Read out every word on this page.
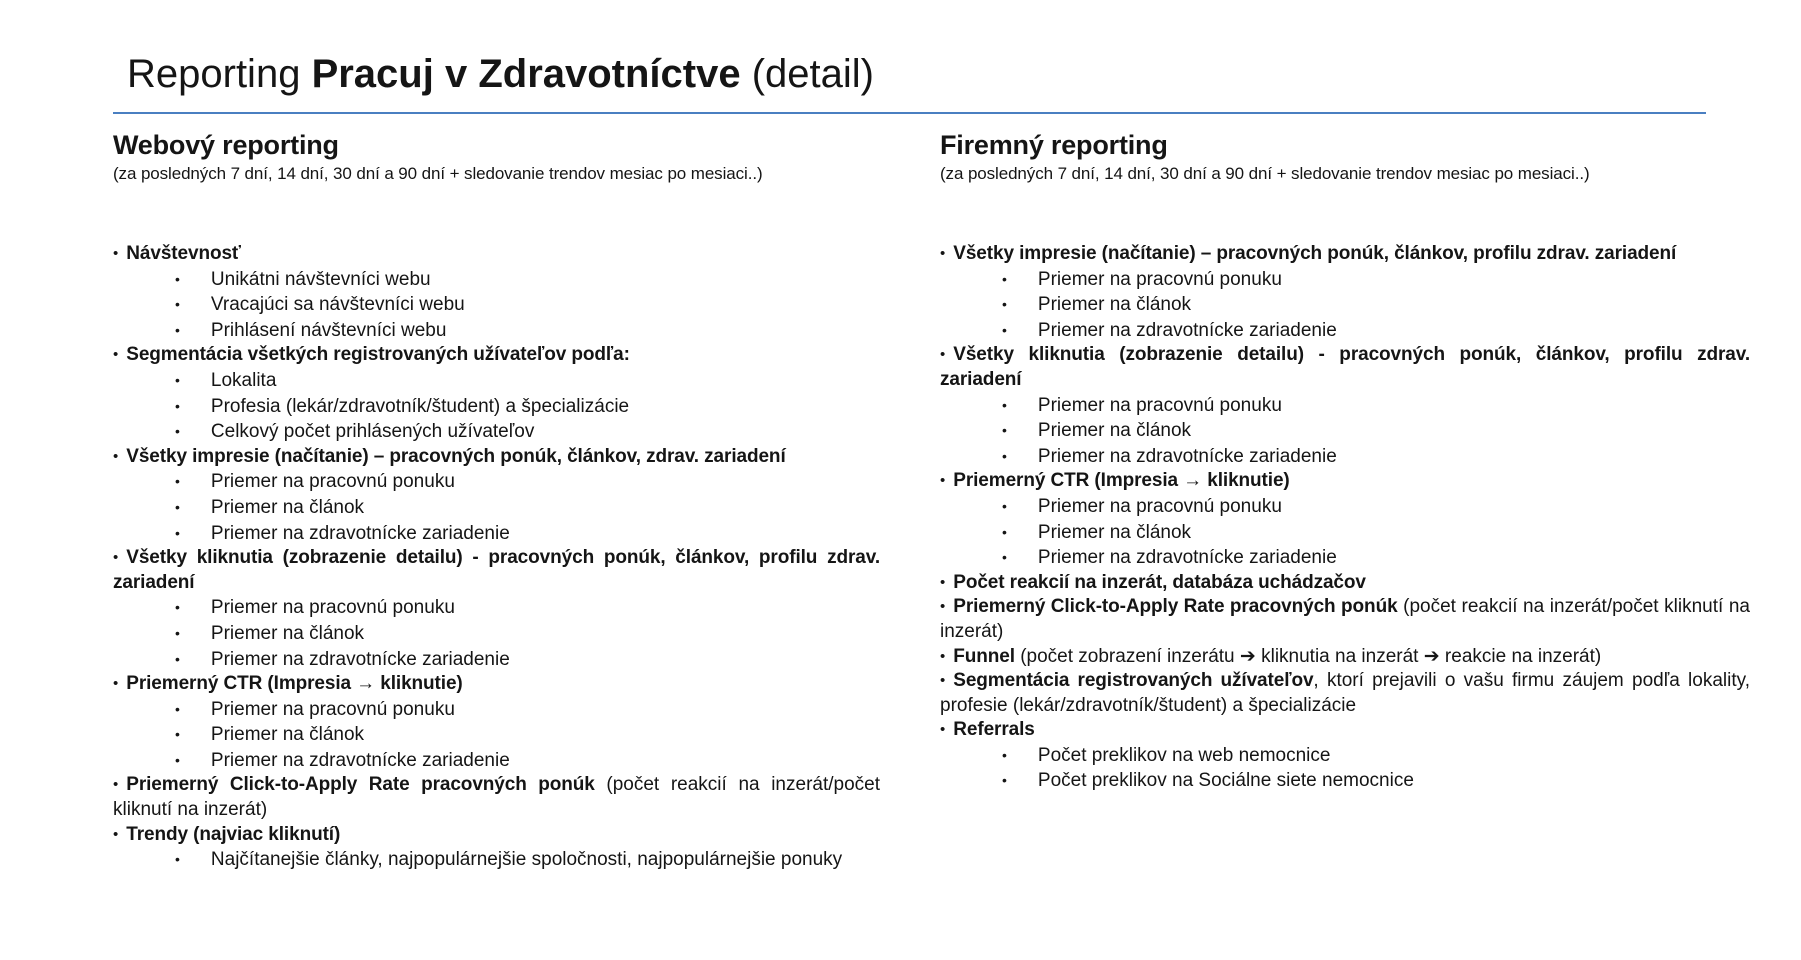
Reporting Pracuj v Zdravotníctve (detail)
Webový reporting

(za posledných 7 dní, 14 dní, 30 dní a 90 dní + sledovanie trendov mesiac po mesiaci..)

• Návštevnosť
• Unikátni návštevníci webu
• Vracajúci sa návštevníci webu
• Prihlásení návštevníci webu
• Segmentácia všetkých registrovaných užívateľov podľa:
• Lokalita
• Profesia (lekár/zdravotník/študent) a špecializácie
• Celkový počet prihlásených užívateľov
• Všetky impresie (načítanie) – pracovných ponúk, článkov, zdrav. zariadení
• Priemer na pracovnú ponuku
• Priemer na článok
• Priemer na zdravotnícke zariadenie
• Všetky kliknutia (zobrazenie detailu) - pracovných ponúk, článkov, profilu zdrav. zariadení
• Priemer na pracovnú ponuku
• Priemer na článok
• Priemer na zdravotnícke zariadenie
• Priemerný CTR (Impresia → kliknutie)
• Priemer na pracovnú ponuku
• Priemer na článok
• Priemer na zdravotnícke zariadenie
• Priemerný Click-to-Apply Rate pracovných ponúk (počet reakcií na inzerát/počet kliknutí na inzerát)
• Trendy (najviac kliknutí)
• Najčítanejšie články, najpopulárnejšie spoločnosti, najpopulárnejšie ponuky
Firemný reporting

(za posledných 7 dní, 14 dní, 30 dní a 90 dní + sledovanie trendov mesiac po mesiaci..)

• Všetky impresie (načítanie) – pracovných ponúk, článkov, profilu zdrav. zariadení
• Priemer na pracovnú ponuku
• Priemer na článok
• Priemer na zdravotnícke zariadenie
• Všetky kliknutia (zobrazenie detailu) - pracovných ponúk, článkov, profilu zdrav. zariadení
• Priemer na pracovnú ponuku
• Priemer na článok
• Priemer na zdravotnícke zariadenie
• Priemerný CTR (Impresia → kliknutie)
• Priemer na pracovnú ponuku
• Priemer na článok
• Priemer na zdravotnícke zariadenie
• Počet reakcií na inzerát, databáza uchádzačov
• Priemerný Click-to-Apply Rate pracovných ponúk (počet reakcií na inzerát/počet kliknutí na inzerát)
• Funnel (počet zobrazení inzerátu ➔ kliknutia na inzerát ➔ reakcie na inzerát)
• Segmentácia registrovaných užívateľov, ktorí prejavili o vašu firmu záujem podľa lokality, profesie (lekár/zdravotník/študent) a špecializácie
• Referrals
• Počet preklikov na web nemocnice
• Počet preklikov na Sociálne siete nemocnice
